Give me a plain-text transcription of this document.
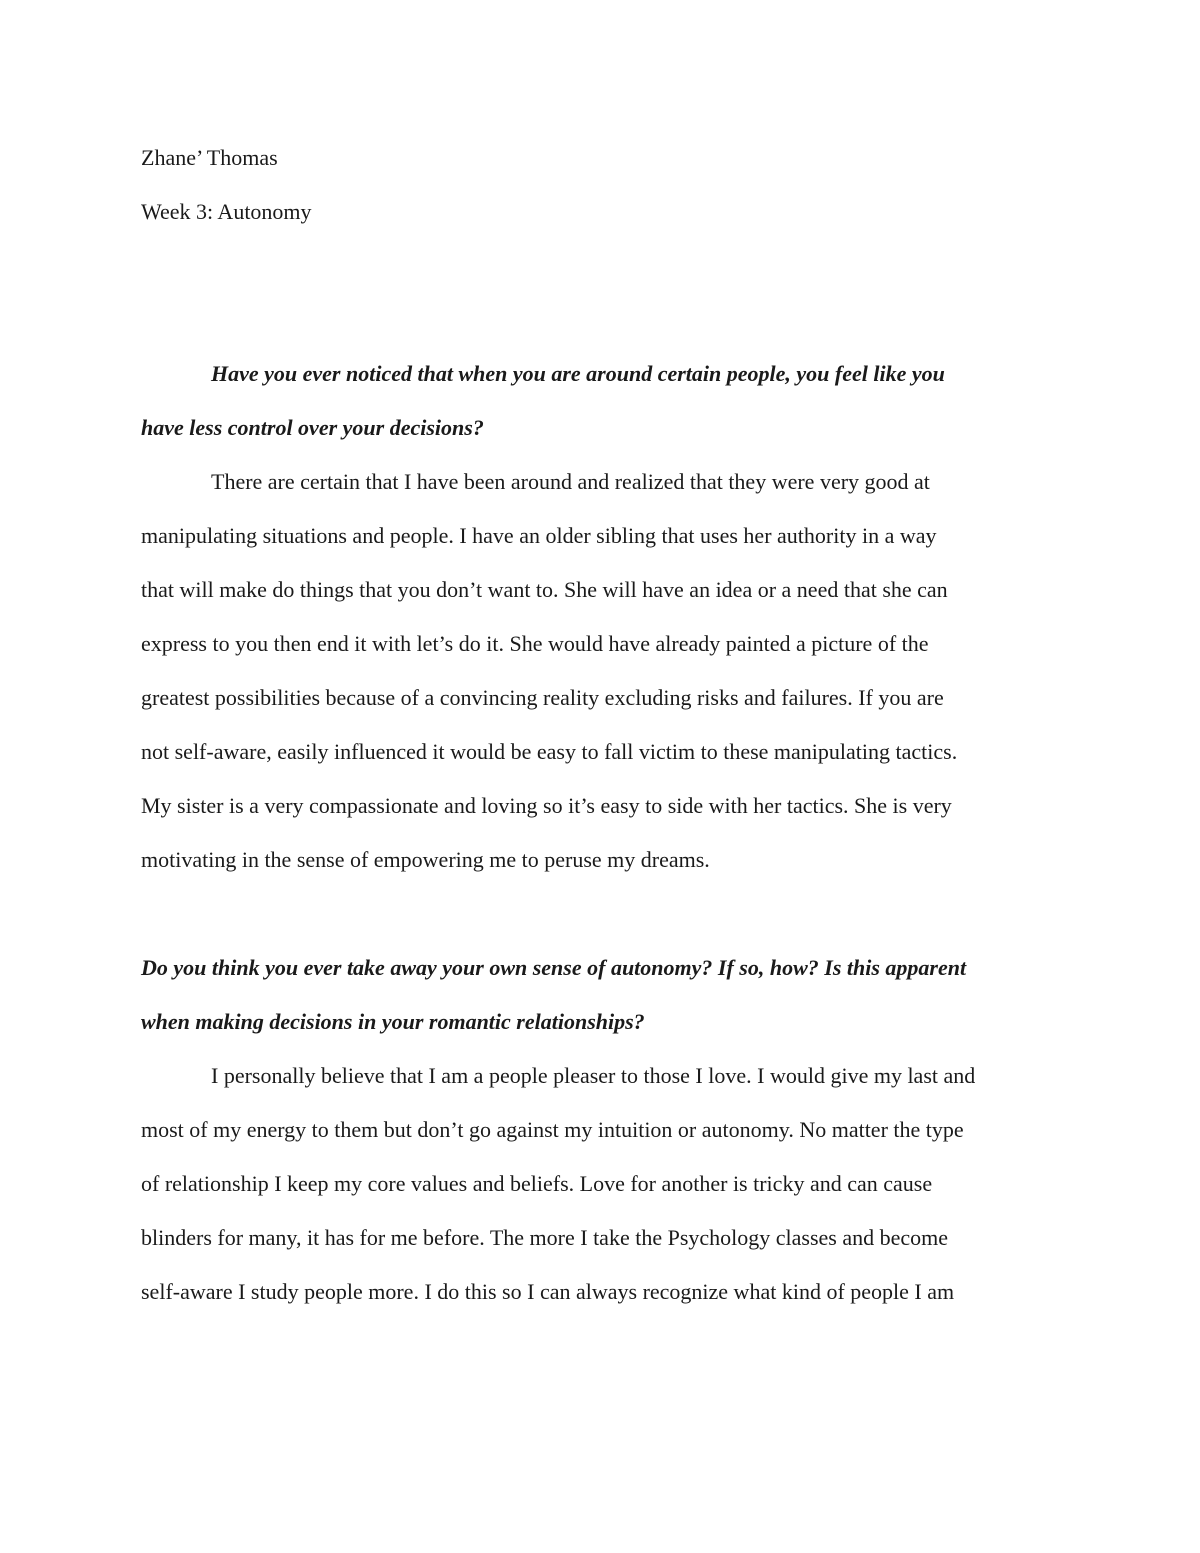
Zhane’ Thomas

Week 3: Autonomy

Have you ever noticed that when you are around certain people, you feel like you
have less control over your decisions?
There are certain that I have been around and realized that they were very good at
manipulating situations and people. I have an older sibling that uses her authority in a way
that will make do things that you don’t want to. She will have an idea or a need that she can
express to you then end it with let’s do it. She would have already painted a picture of the
greatest possibilities because of a convincing reality excluding risks and failures. If you are
not self-aware, easily influenced it would be easy to fall victim to these manipulating tactics.
My sister is a very compassionate and loving so it’s easy to side with her tactics. She is very
motivating in the sense of empowering me to peruse my dreams.
Do you think you ever take away your own sense of autonomy? If so, how? Is this apparent
when making decisions in your romantic relationships?
I personally believe that I am a people pleaser to those I love. I would give my last and
most of my energy to them but don’t go against my intuition or autonomy. No matter the type
of relationship I keep my core values and beliefs. Love for another is tricky and can cause
blinders for many, it has for me before. The more I take the Psychology classes and become
self-aware I study people more. I do this so I can always recognize what kind of people I am
